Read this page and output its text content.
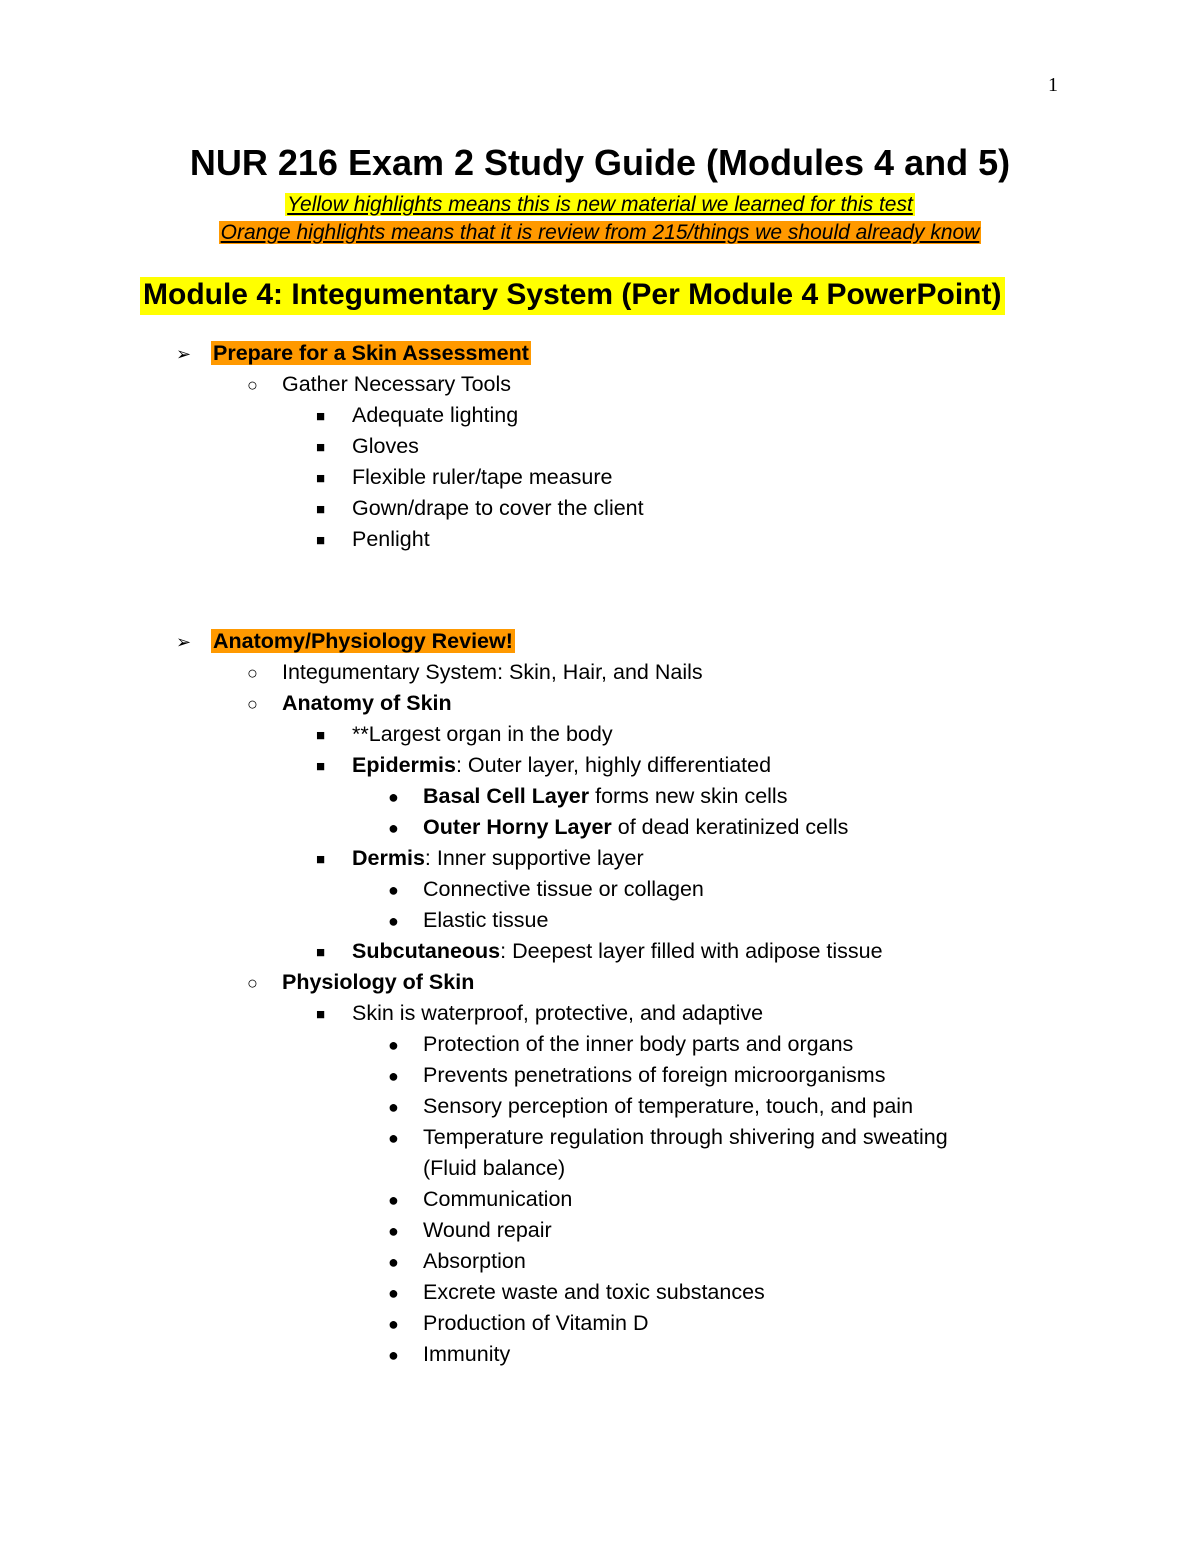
1
NUR 216 Exam 2 Study Guide (Modules 4 and 5)
Yellow highlights means this is new material we learned for this test
Orange highlights means that it is review from 215/things we should already know
Module 4: Integumentary System (Per Module 4 PowerPoint)
➢ Prepare for a Skin Assessment
○ Gather Necessary Tools
■ Adequate lighting
■ Gloves
■ Flexible ruler/tape measure
■ Gown/drape to cover the client
■ Penlight
➢ Anatomy/Physiology Review!
○ Integumentary System: Skin, Hair, and Nails
○ Anatomy of Skin
■ **Largest organ in the body
■ Epidermis: Outer layer, highly differentiated
● Basal Cell Layer forms new skin cells
● Outer Horny Layer of dead keratinized cells
■ Dermis: Inner supportive layer
● Connective tissue or collagen
● Elastic tissue
■ Subcutaneous: Deepest layer filled with adipose tissue
○ Physiology of Skin
■ Skin is waterproof, protective, and adaptive
● Protection of the inner body parts and organs
● Prevents penetrations of foreign microorganisms
● Sensory perception of temperature, touch, and pain
● Temperature regulation through shivering and sweating
(Fluid balance)
● Communication
● Wound repair
● Absorption
● Excrete waste and toxic substances
● Production of Vitamin D
● Immunity
